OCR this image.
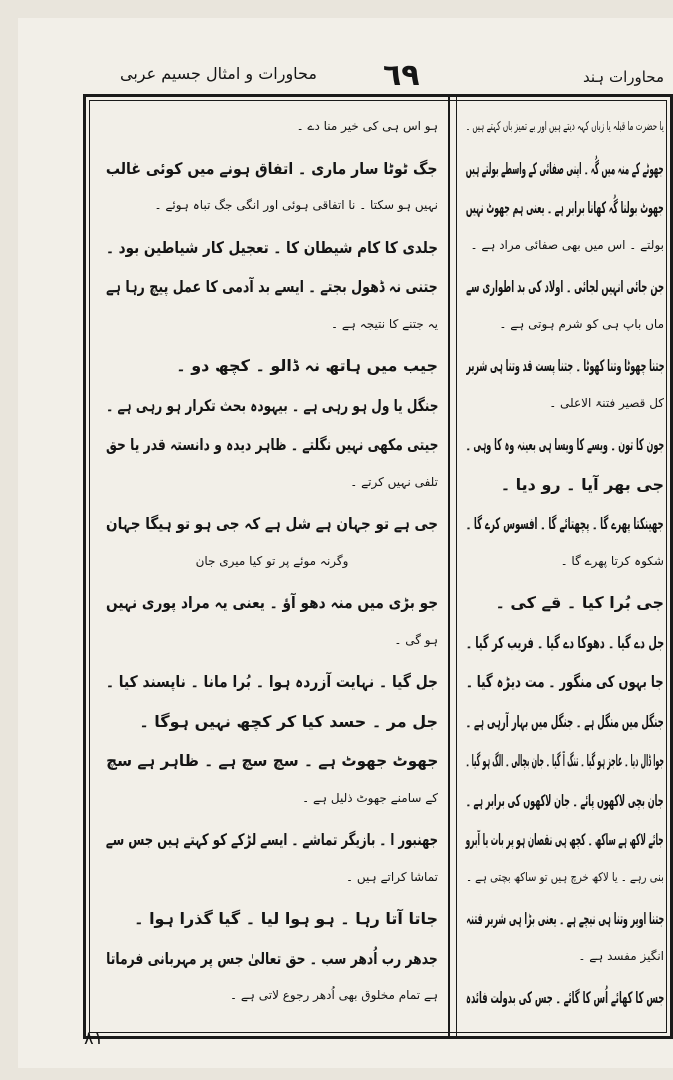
محاورات و امثال جسیم عربی ٦٩	محاورات ہند
ہو اس ہی کی خیر منا دے ۔
جگ ٹوٹا سار ماری ۔ اتفاق ہونے میں کوئی غالب
نہیں ہو سکتا ۔ نا اتفاقی ہوئی اور انگی جگ تباہ ہوئے ۔
جلدی کا کام شیطان کا ۔ تعجیل کار شیاطین بود ۔
جتنی نہ ڈھول بجتے ۔ ایسے بد آدمی کا عمل پیچ رہا ہے
یہ جتنے کا نتیجہ ہے ۔
جیب میں ہاتھ نہ ڈالو ۔ کچھ دو ۔
جنگل یا ول ہو رہی ہے ۔ بیہودہ بحث تکرار ہو رہی ہے ۔
جیتی مکھی نہیں نگلتے ۔ ظاہر دیدہ و دانستہ قدر یا حق
تلفی نہیں کرتے ۔
جی ہے تو جہان ہے شل ہے کہ جی ہو تو ہیگا جہان
وگرنہ موئے پر تو کیا میری جان
جو بڑی میں منہ دھو آؤ ۔ یعنی یہ مراد پوری نہیں
ہو گی ۔
جل گیا ۔ نہایت آزردہ ہوا ۔ بُرا مانا ۔ ناپسند کیا ۔
جل مر ۔ حسد کیا کر کچھ نہیں ہوگا ۔
جھوٹ جھوٹ ہے ۔ سچ سچ ہے ۔ ظاہر ہے سچ
کے سامنے جھوٹ ذلیل ہے ۔
جھنبور ا ۔ بازیگر تماشے ۔ ایسے لڑکے کو کہتے ہیں جس سے
تماشا کراتے ہیں ۔
جاتا آتا رہا ۔ ہو ہوا لیا ۔ گیا گذرا ہوا ۔
جدھر رب اُدھر سب ۔ حق تعالیٰ جس پر مہربانی فرماتا
ہے تمام مخلوق بھی اُدھر رجوع لاتی ہے ۔
یا حضرت ما قبلہ یا زباں کہہ دیتے ہیں اور بے تمیز باں کہتے ہیں ۔
جھوٹے کے منہ میں گُہ ۔ اپنی صفائی کے واسطے بولتے ہیں
جھوٹ بولنا گُہ کھانا برابر ہے ۔ یعنی ہم جھوٹ نہیں
بولتے ۔ اس میں بھی صفائی مراد ہے ۔
جن جائی انہیں لجائی ۔ اولاد کی بد اطواری سے
ماں باپ ہی کو شرم ہوتی ہے ۔
جتنا چھوٹا وتنا کھوٹا ۔ جتنا پست قد وتنا ہی شریر
کل قصیر فتنۃ الاعلی ۔
جون کا تون ۔ ویسے کا ویسا ہی بعینہ وہ کا وہی ۔
جی بھر آیا ۔ رو دیا ۔
جھینکتا پھرے گا ۔ پچھتائے گا ۔ افسوس کرے گا ۔
شکوہ کرتا پھرے گا ۔
جی بُرا کیا ۔ قے کی ۔
جل دے گیا ۔ دھوکا دے گیا ۔ فریب کر گیا ۔
جا بہوں کی منگور ۔ مت دیڑہ گیا ۔
جنگل میں منگل ہے ۔ جنگل میں بہار آرہی ہے ۔
جوا ڈال دیا ۔ عاجز ہو گیا ۔ تنگ آ گیا ۔ جان بچالی ۔ الگ ہو گیا ۔
جان بچی لاکھوں پائے ۔ جان لاکھوں کی برابر ہے ۔
جائے لاکھ ہے ساکھ ۔ کچھ ہی نقصان ہو پر بات یا آبرو
بنی رہے ۔ یا لاکھ خرچ ہیں تو ساکھ بچتی ہے ۔
جتنا اوپر وتنا ہی نیچے ہے ۔ یعنی بڑا ہی شریر فتنہ
انگیز مفسد ہے ۔
جس کا کھائے اُس کا گائے ۔ جس کی بدولت فائدہ
٨١
